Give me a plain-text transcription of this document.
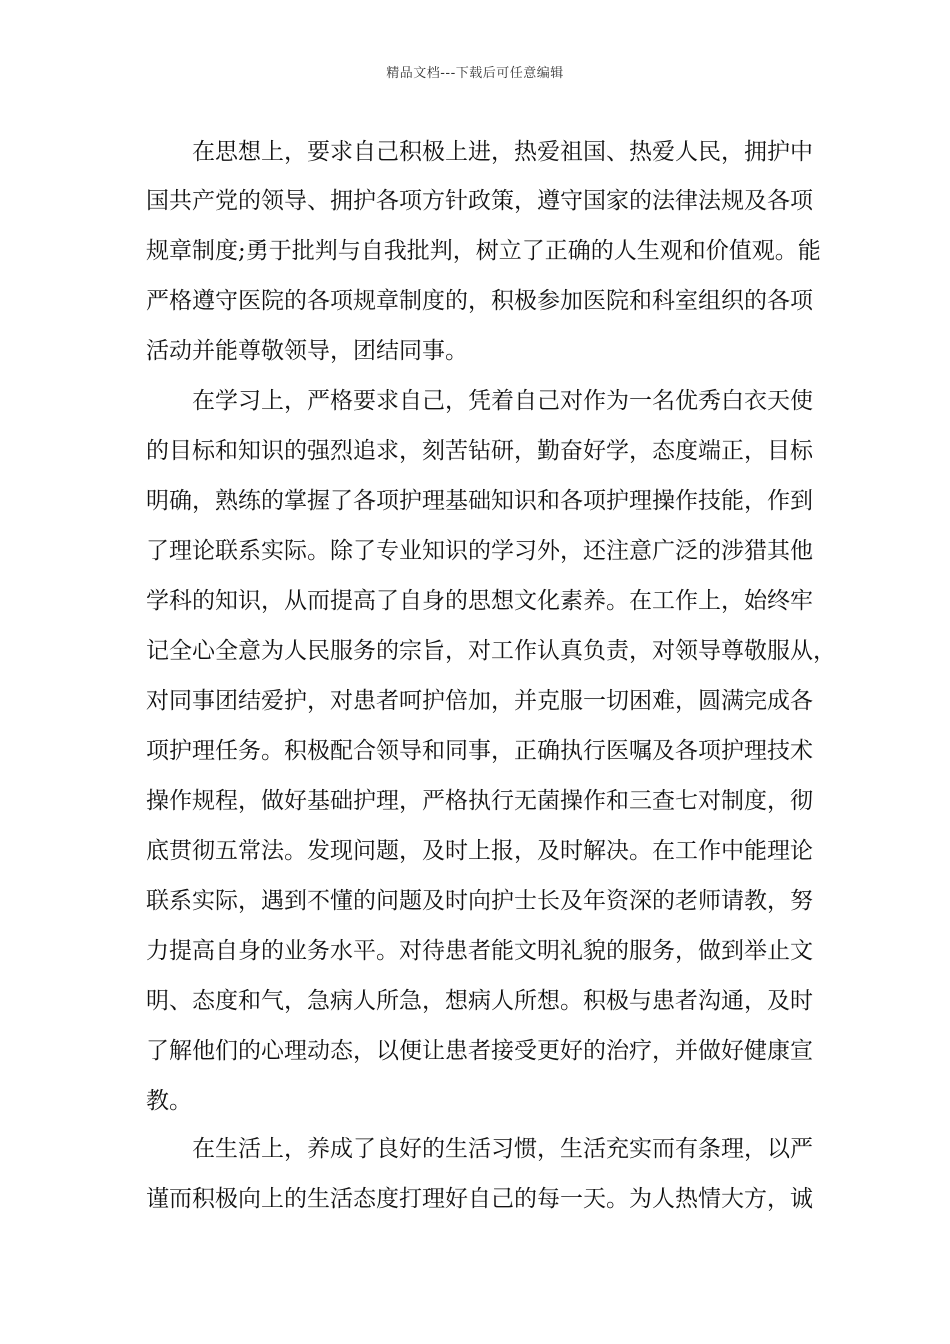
精品文档---下载后可任意编辑
在思想上，要求自己积极上进，热爱祖国、热爱人民，拥护中
国共产党的领导、拥护各项方针政策，遵守国家的法律法规及各项
规章制度;勇于批判与自我批判，树立了正确的人生观和价值观。能
严格遵守医院的各项规章制度的，积极参加医院和科室组织的各项
活动并能尊敬领导，团结同事。
在学习上，严格要求自己，凭着自己对作为一名优秀白衣天使
的目标和知识的强烈追求，刻苦钻研，勤奋好学，态度端正，目标
明确，熟练的掌握了各项护理基础知识和各项护理操作技能，作到
了理论联系实际。除了专业知识的学习外，还注意广泛的涉猎其他
学科的知识，从而提高了自身的思想文化素养。在工作上，始终牢
记全心全意为人民服务的宗旨，对工作认真负责，对领导尊敬服从，
对同事团结爱护，对患者呵护倍加，并克服一切困难，圆满完成各
项护理任务。积极配合领导和同事，正确执行医嘱及各项护理技术
操作规程，做好基础护理，严格执行无菌操作和三查七对制度，彻
底贯彻五常法。发现问题，及时上报，及时解决。在工作中能理论
联系实际，遇到不懂的问题及时向护士长及年资深的老师请教，努
力提高自身的业务水平。对待患者能文明礼貌的服务，做到举止文
明、态度和气，急病人所急，想病人所想。积极与患者沟通，及时
了解他们的心理动态，以便让患者接受更好的治疗，并做好健康宣
教。
在生活上，养成了良好的生活习惯，生活充实而有条理，以严
谨而积极向上的生活态度打理好自己的每一天。为人热情大方，诚
